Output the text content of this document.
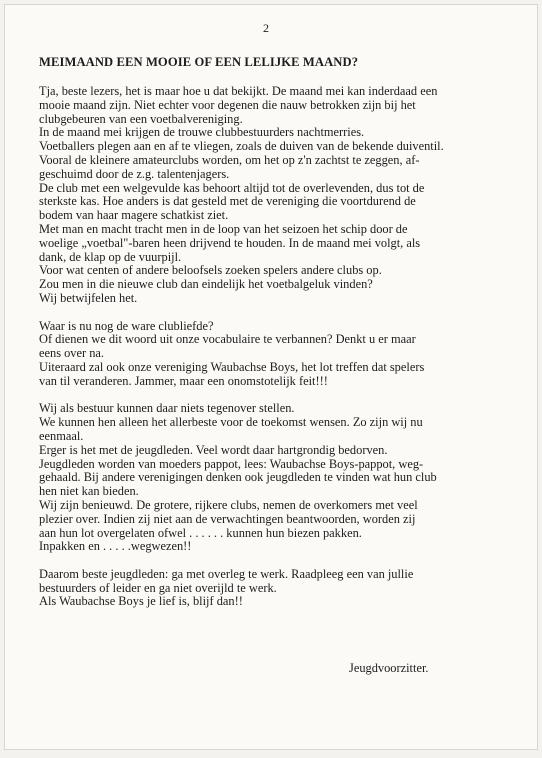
2
MEIMAAND EEN MOOIE OF EEN LELIJKE MAAND?
Tja, beste lezers, het is maar hoe u dat bekijkt. De maand mei kan inderdaad een
mooie maand zijn. Niet echter voor degenen die nauw betrokken zijn bij het
clubgebeuren van een voetbalvereniging.
In de maand mei krijgen de trouwe clubbestuurders nachtmerries.
Voetballers plegen aan en af te vliegen, zoals de duiven van de bekende duiventil.
Vooral de kleinere amateurclubs worden, om het op z'n zachtst te zeggen, af-
geschuimd door de z.g. talentenjagers.
De club met een welgevulde kas behoort altijd tot de overlevenden, dus tot de
sterkste kas. Hoe anders is dat gesteld met de vereniging die voortdurend de
bodem van haar magere schatkist ziet.
Met man en macht tracht men in de loop van het seizoen het schip door de
woelige „voetbal"-baren heen drijvend te houden. In de maand mei volgt, als
dank, de klap op de vuurpijl.
Voor wat centen of andere beloofsels zoeken spelers andere clubs op.
Zou men in die nieuwe club dan eindelijk het voetbalgeluk vinden?
Wij betwijfelen het.
Waar is nu nog de ware clubliefde?
Of dienen we dit woord uit onze vocabulaire te verbannen? Denkt u er maar
eens over na.
Uiteraard zal ook onze vereniging Waubachse Boys, het lot treffen dat spelers
van til veranderen. Jammer, maar een onomstotelijk feit!!!
Wij als bestuur kunnen daar niets tegenover stellen.
We kunnen hen alleen het allerbeste voor de toekomst wensen. Zo zijn wij nu
eenmaal.
Erger is het met de jeugdleden. Veel wordt daar hartgrondig bedorven.
Jeugdleden worden van moeders pappot, lees: Waubachse Boys-pappot, weg-
gehaald. Bij andere verenigingen denken ook jeugdleden te vinden wat hun club
hen niet kan bieden.
Wij zijn benieuwd. De grotere, rijkere clubs, nemen de overkomers met veel
plezier over. Indien zij niet aan de verwachtingen beantwoorden, worden zij
aan hun lot overgelaten ofwel . . . . . . kunnen hun biezen pakken.
Inpakken en . . . . .wegwezen!!
Daarom beste jeugdleden: ga met overleg te werk. Raadpleeg een van jullie
bestuurders of leider en ga niet overijld te werk.
Als Waubachse Boys je lief is, blijf dan!!
Jeugdvoorzitter.
